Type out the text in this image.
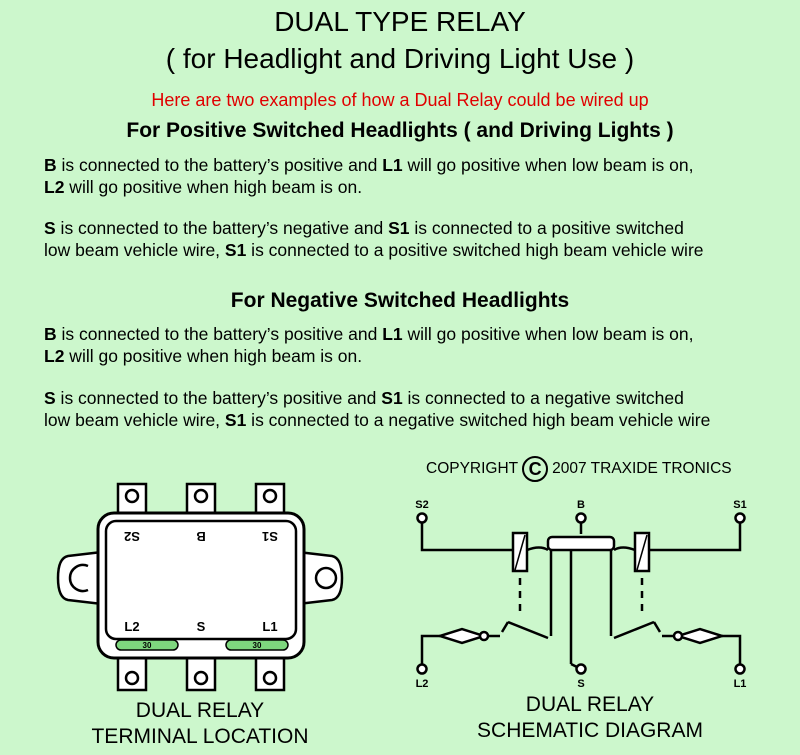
DUAL TYPE RELAY
( for Headlight and Driving Light Use )
Here are two examples of how a Dual Relay could be wired up
For Positive Switched Headlights ( and Driving Lights )
B is connected to the battery’s positive and L1 will go positive when low beam is on,
L2 will go positive when high beam is on.
S is connected to the battery’s negative and S1 is connected to a positive switched
low beam vehicle wire, S1 is connected to a positive switched high beam vehicle wire
For Negative Switched Headlights
B is connected to the battery’s positive and L1 will go positive when low beam is on,
L2 will go positive when high beam is on.
S is connected to the battery’s positive and S1 is connected to a negative switched
low beam vehicle wire, S1 is connected to a negative switched high beam vehicle wire
COPYRIGHT C 2007 TRAXIDE TRONICS
30	30
S2	B	S1
L2	S	L1
S2	B	S1
L2	S	L1
DUAL RELAY
TERMINAL LOCATION
DUAL RELAY
SCHEMATIC DIAGRAM
